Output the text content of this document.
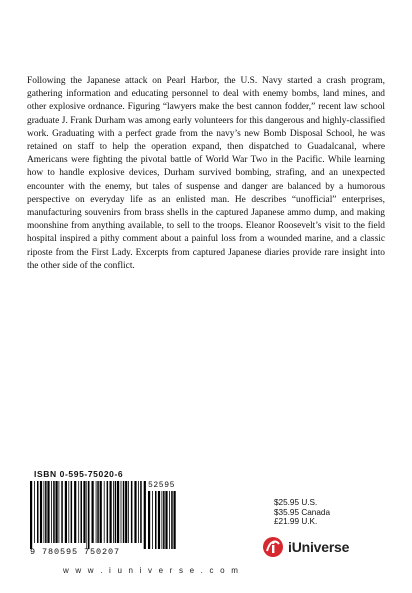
Following the Japanese attack on Pearl Harbor, the U.S. Navy started a crash program, gathering information and educating personnel to deal with enemy bombs, land mines, and other explosive ordnance. Figuring “lawyers make the best cannon fodder,” recent law school graduate J. Frank Durham was among early volunteers for this dangerous and highly-classified work. Graduating with a perfect grade from the navy’s new Bomb Disposal School, he was retained on staff to help the operation expand, then dispatched to Guadalcanal, where Americans were fighting the pivotal battle of World War Two in the Pacific. While learning how to handle explosive devices, Durham survived bombing, strafing, and an unexpected encounter with the enemy, but tales of suspense and danger are balanced by a humorous perspective on everyday life as an enlisted man. He describes “unofficial” enterprises, manufacturing souvenirs from brass shells in the captured Japanese ammo dump, and making moonshine from anything available, to sell to the troops. Eleanor Roosevelt’s visit to the field hospital inspired a pithy comment about a painful loss from a wounded marine, and a classic riposte from the First Lady. Excerpts from captured Japanese diaries provide rare insight into the other side of the conflict.

ISBN 0-595-75020-6
9 780595 750207
52595
w w w . i u n i v e r s e . c o m
$25.95 U.S.
$35.95 Canada
£21.99 U.K.
iUniverse
